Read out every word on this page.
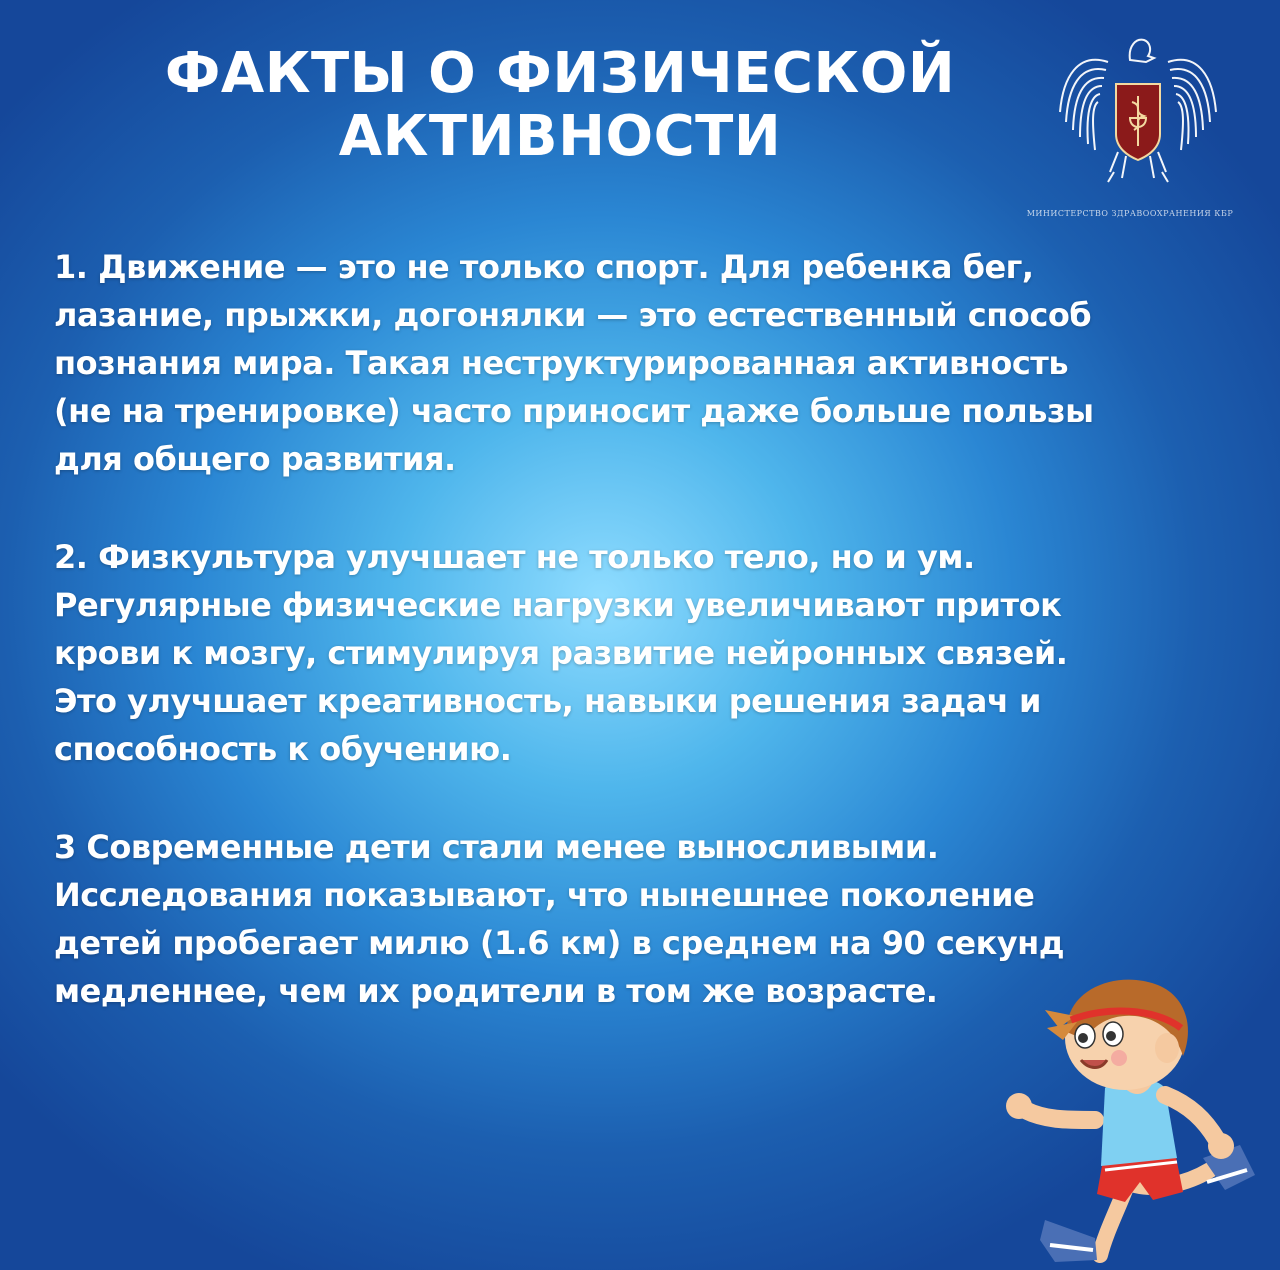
ФАКТЫ О ФИЗИЧЕСКОЙ
АКТИВНОСТИ
МИНИСТЕРСТВО ЗДРАВООХРАНЕНИЯ КБР

1. Движение — это не только спорт. Для ребенка бег,

лазание, прыжки, догонялки — это естественный способ

познания мира. Такая неструктурированная активность

(не на тренировке) часто приносит даже больше пользы

для общего развития.

2. Физкультура улучшает не только тело, но и ум.

Регулярные физические нагрузки увеличивают приток

крови к мозгу, стимулируя развитие нейронных связей.

Это улучшает креативность, навыки решения задач и

способность к обучению.

3 Современные дети стали менее выносливыми.

Исследования показывают, что нынешнее поколение

детей пробегает милю (1.6 км) в среднем на 90 секунд

медленнее, чем их родители в том же возрасте.
